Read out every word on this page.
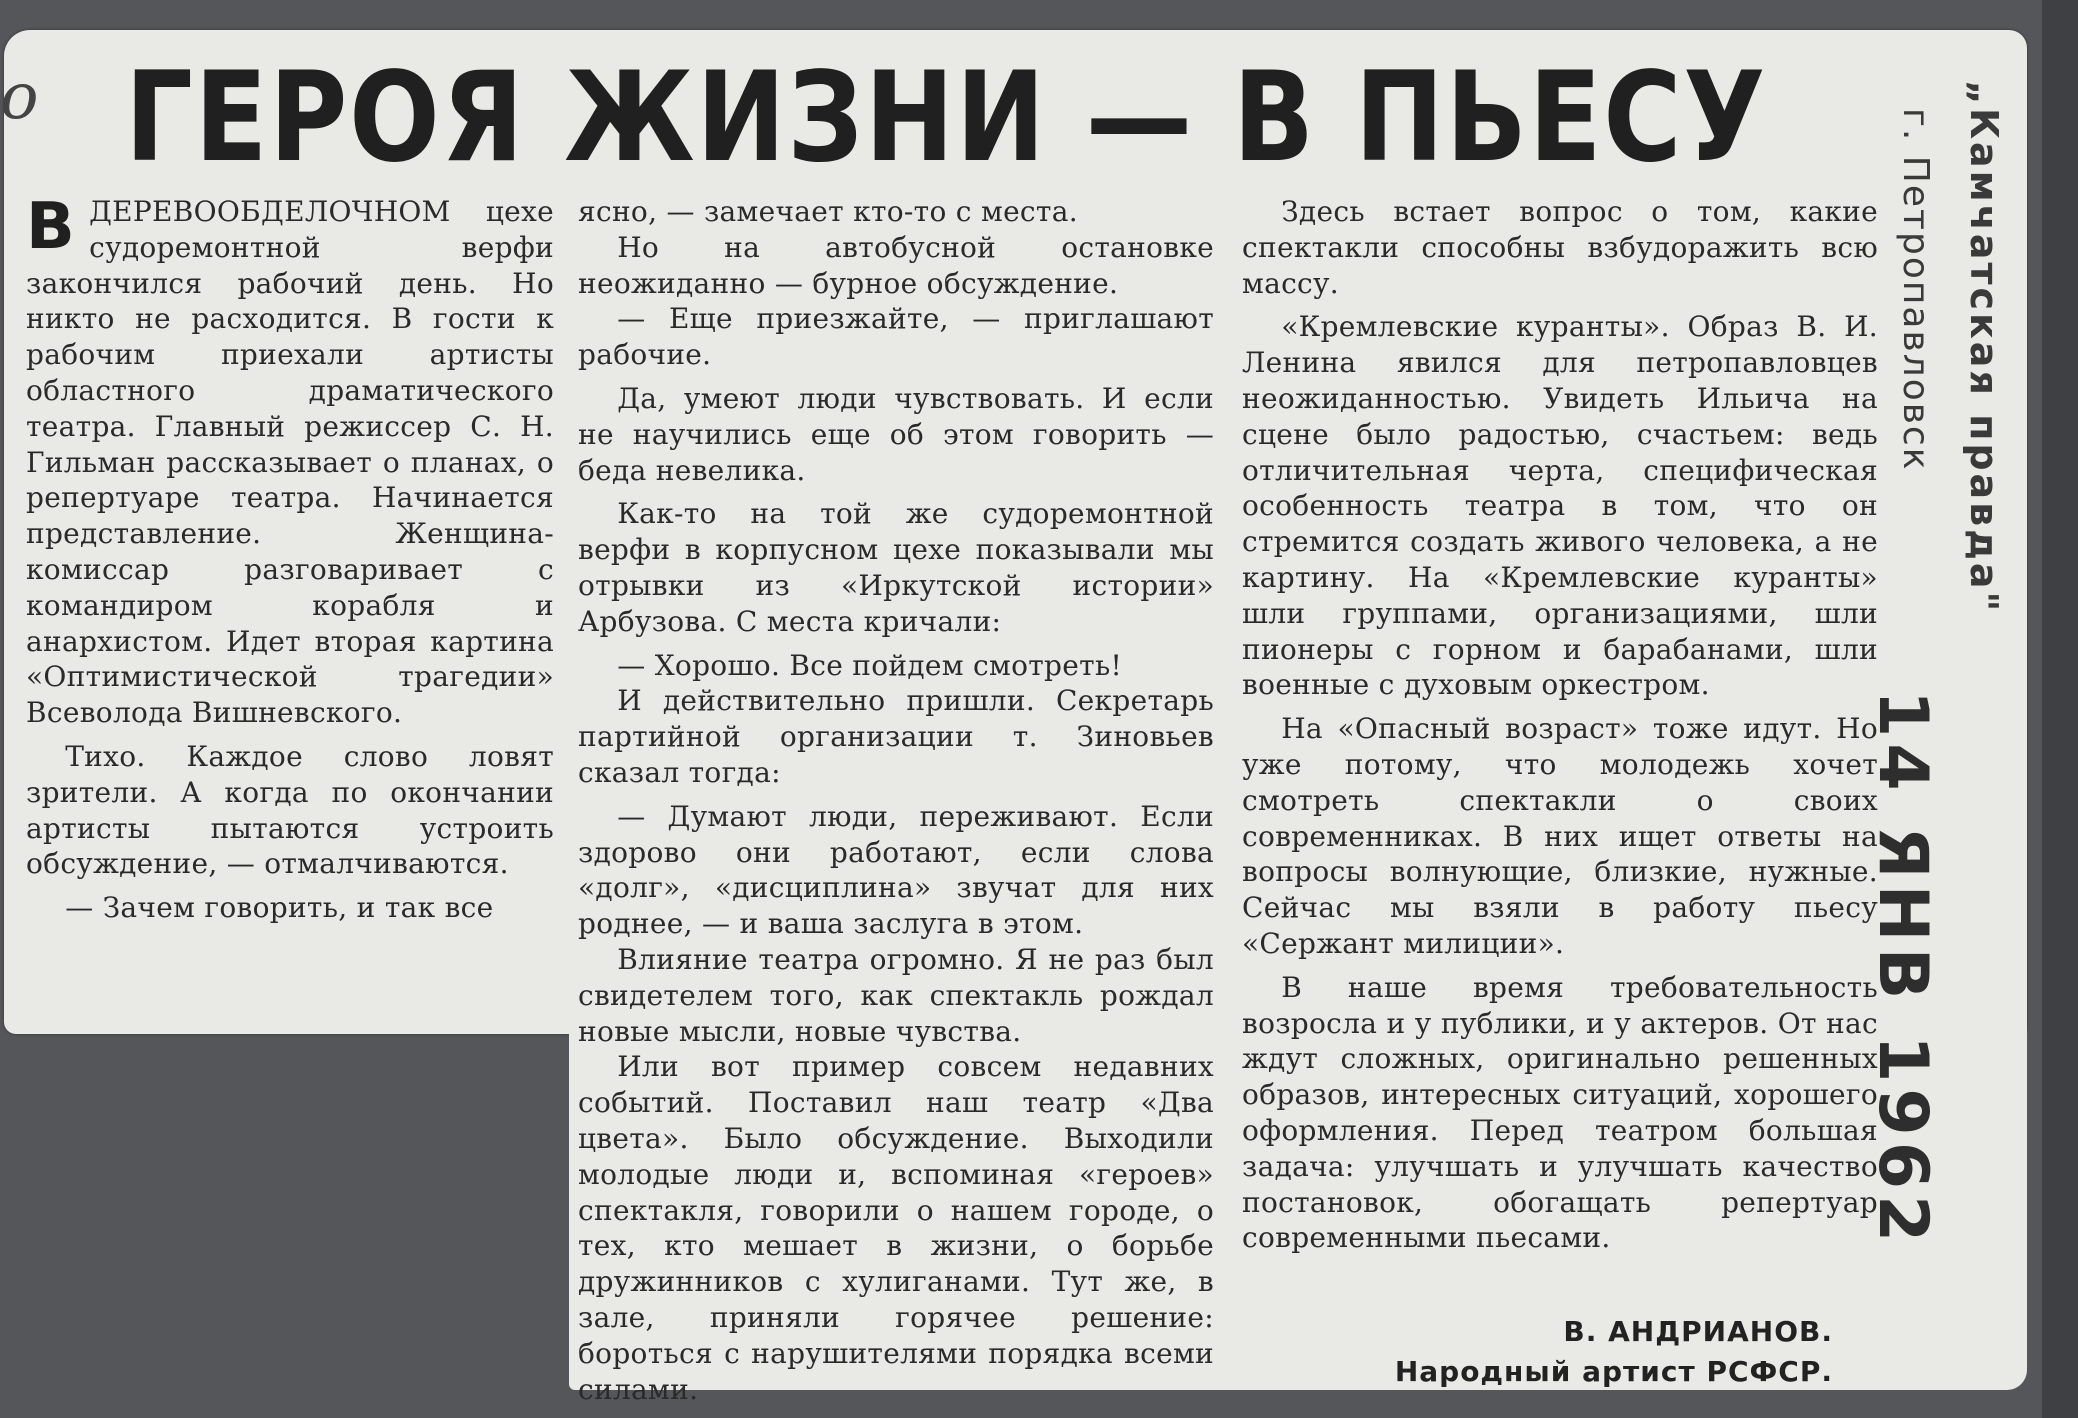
о ГЕРОЯ ЖИЗНИ — В ПЬЕСУ

ВДЕРЕВООБДЕЛОЧНОМ цехе судоремонтной верфи закончился рабочий день. Но никто не расходится. В гости к рабочим приехали артисты областного драматического театра. Главный режиссер С. Н. Гильман рассказывает о планах, о репертуаре театра. Начинается представление. Женщина-комиссар разговаривает с командиром корабля и анархистом. Идет вторая картина «Оптимистической трагедии» Всеволода Вишневского.

Тихо. Каждое слово ловят зрители. А когда по окончании артисты пытаются устроить обсуждение, — отмалчиваются.

— Зачем говорить, и так все

ясно, — замечает кто-то с места.

Но на автобусной остановке неожиданно — бурное обсуждение.

— Еще приезжайте, — приглашают рабочие.

Да, умеют люди чувствовать. И если не научились еще об этом говорить — беда невелика.

Как-то на той же судоремонтной верфи в корпусном цехе показывали мы отрывки из «Иркутской истории» Арбузова. С места кричали:

— Хорошо. Все пойдем смотреть!

И действительно пришли. Секретарь партийной организации т. Зиновьев сказал тогда:

— Думают люди, переживают. Если здорово они работают, если слова «долг», «дисциплина» звучат для них роднее, — и ваша заслуга в этом.

Влияние театра огромно. Я не раз был свидетелем того, как спектакль рождал новые мысли, новые чувства.

Или вот пример совсем недавних событий. Поставил наш театр «Два цвета». Было обсуждение. Выходили молодые люди и, вспоминая «героев» спектакля, говорили о нашем городе, о тех, кто мешает в жизни, о борьбе дружинников с хулиганами. Тут же, в зале, приняли горячее решение: бороться с нарушителями порядка всеми силами.

Здесь встает вопрос о том, какие спектакли способны взбудоражить всю массу.

«Кремлевские куранты». Образ В. И. Ленина явился для петропавловцев неожиданностью. Увидеть Ильича на сцене было радостью, счастьем: ведь отличительная черта, специфическая особенность театра в том, что он стремится создать живого человека, а не картину. На «Кремлевские куранты» шли группами, организациями, шли пионеры с горном и барабанами, шли военные с духовым оркестром.

На «Опасный возраст» тоже идут. Но уже потому, что молодежь хочет смотреть спектакли о своих современниках. В них ищет ответы на вопросы волнующие, близкие, нужные. Сейчас мы взяли в работу пьесу «Сержант милиции».

В наше время требовательность возросла и у публики, и у актеров. От нас ждут сложных, оригинально решенных образов, интересных ситуаций, хорошего оформления. Перед театром большая задача: улучшать и улучшать качество постановок, обогащать репертуар современными пьесами.

В. АНДРИАНОВ.
Народный артист РСФСР.
„Камчатская правда"
г. Петропавловск
14 ЯНВ 1962
